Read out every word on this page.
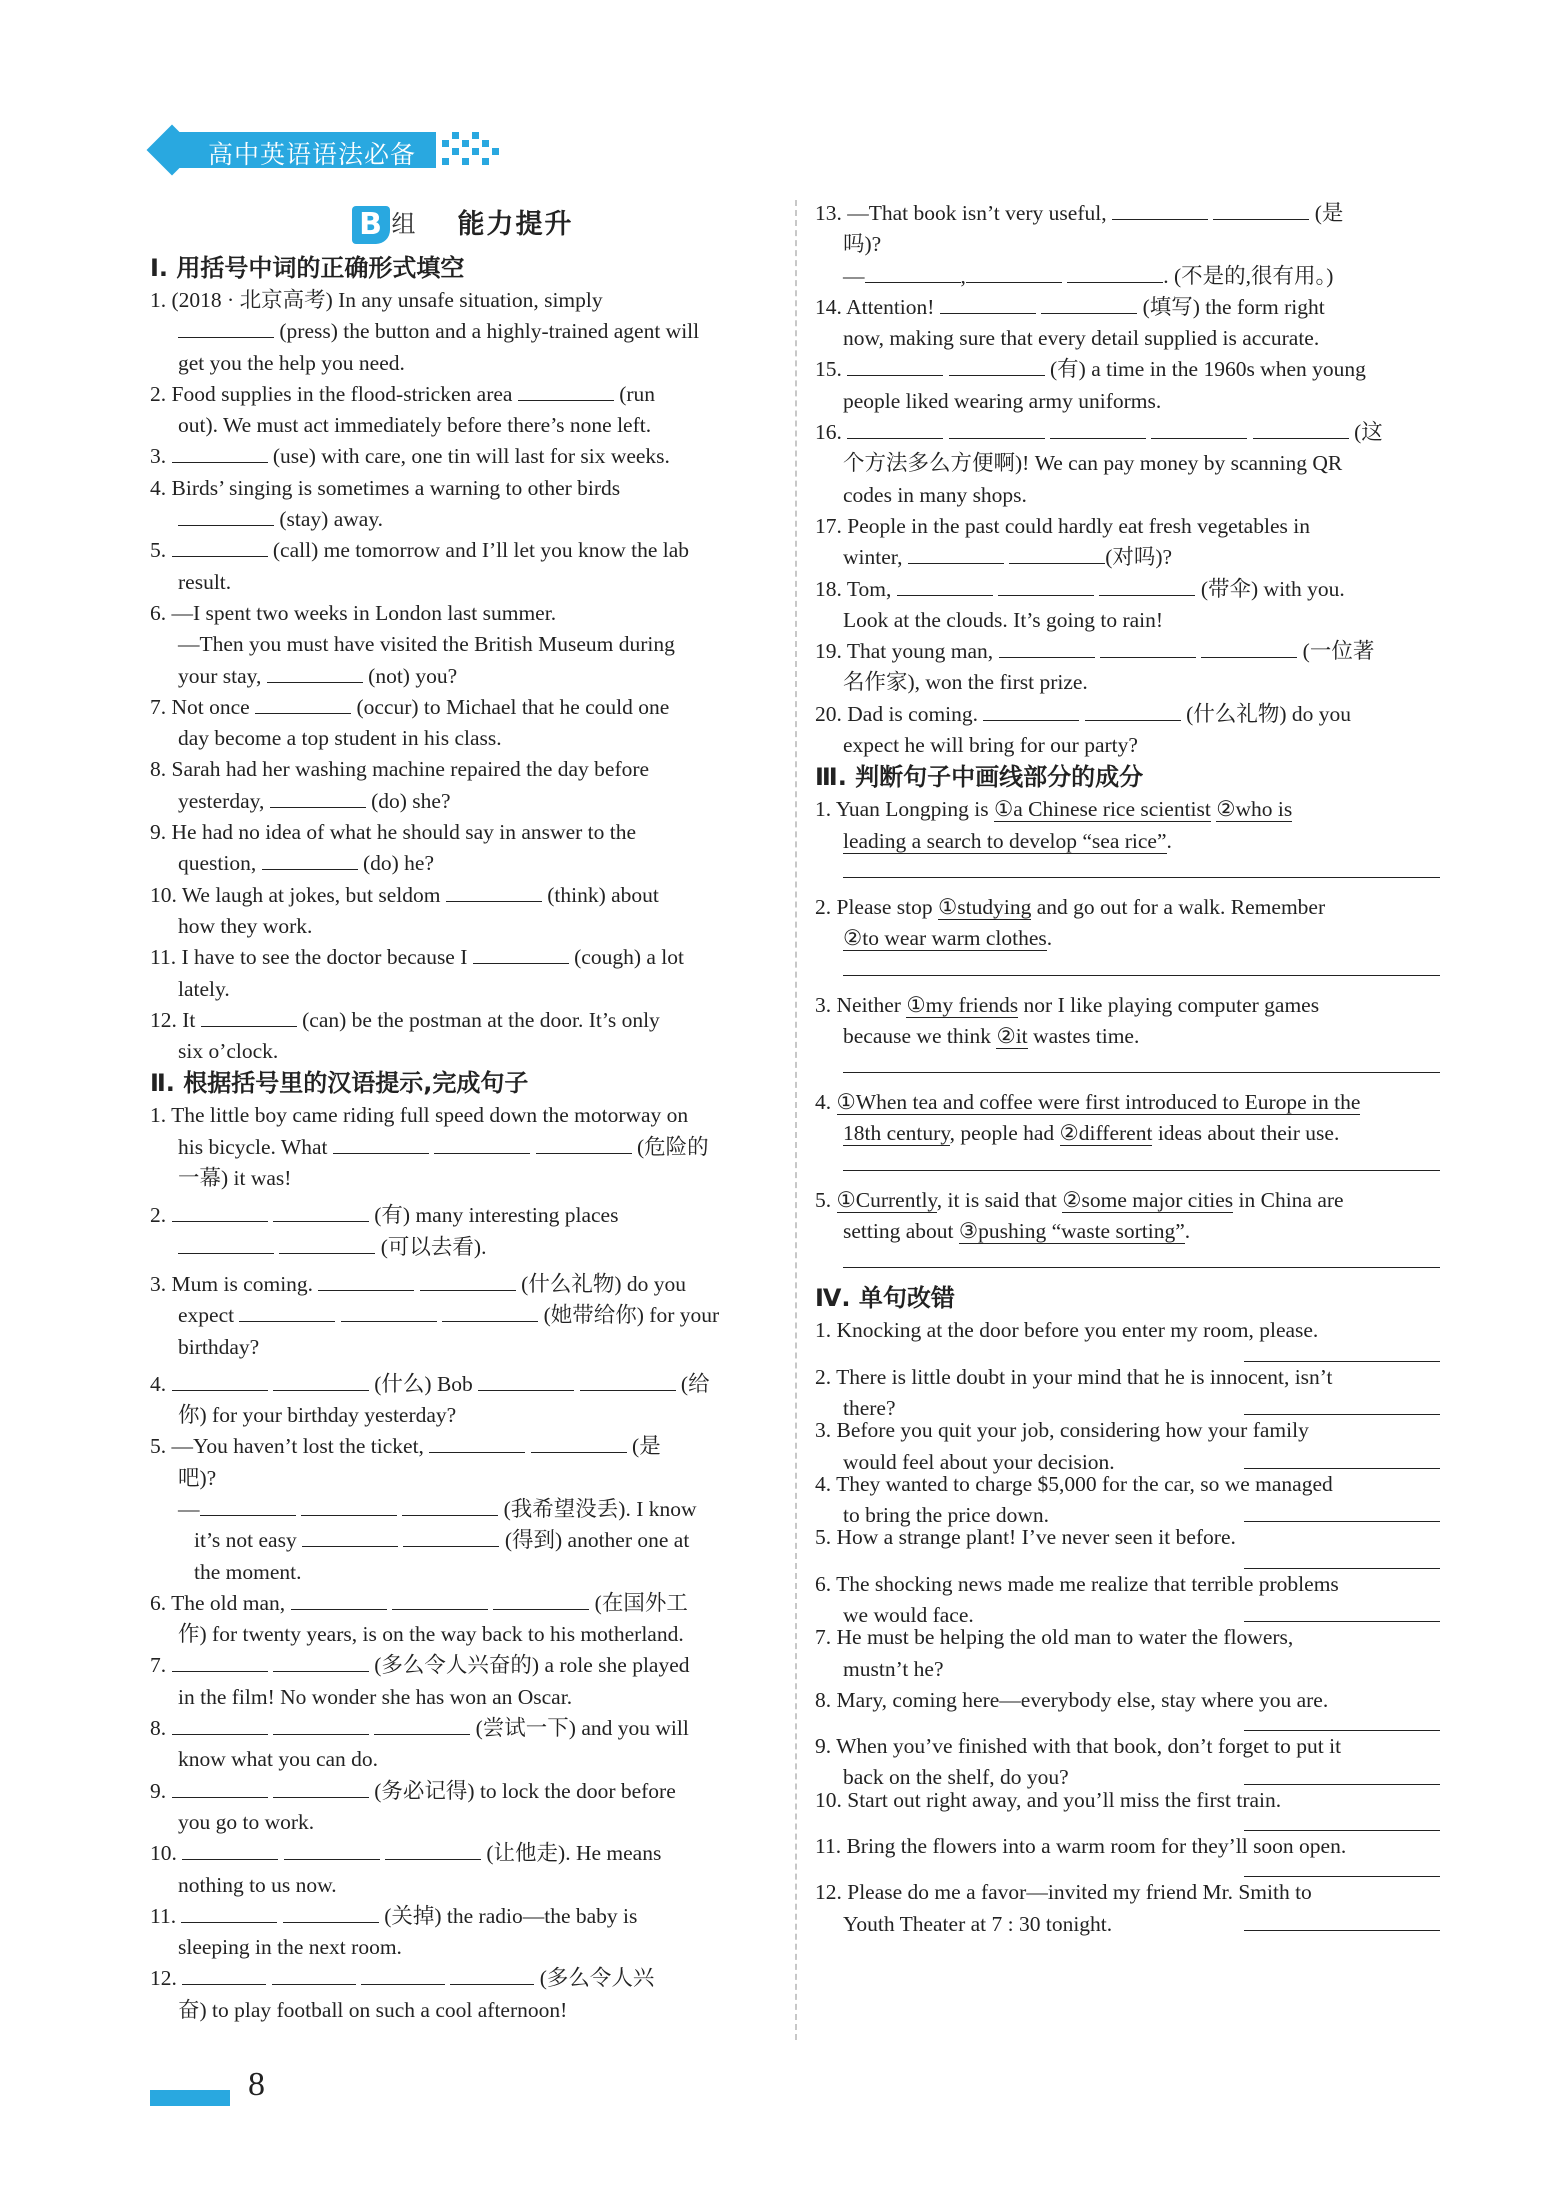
高中英语语法必备
B 组 能力提升

Ⅰ. 用括号中词的正确形式填空

1. (2018 · 北京高考) In any unsafe situation, simply

(press) the button and a highly-trained agent will

get you the help you need.

2. Food supplies in the flood-stricken area	(run

out). We must act immediately before there’s none left.

3.	(use) with care, one tin will last for six weeks.

4. Birds’ singing is sometimes a warning to other birds

(stay) away.

5.	(call) me tomorrow and I’ll let you know the lab

result.

6. —I spent two weeks in London last summer.

—Then you must have visited the British Museum during

your stay,	(not) you?

7. Not once	(occur) to Michael that he could one

day become a top student in his class.

8. Sarah had her washing machine repaired the day before

yesterday,	(do) she?

9. He had no idea of what he should say in answer to the

question,	(do) he?

10. We laugh at jokes, but seldom	(think) about

how they work.

11. I have to see the doctor because I	(cough) a lot

lately.

12. It	(can) be the postman at the door. It’s only

six o’clock.

Ⅱ. 根据括号里的汉语提示,完成句子

1. The little boy came riding full speed down the motorway on

his bicycle. What	(危险的

一幕) it was!

2.	(有) many interesting places

(可以去看).

3. Mum is coming.	(什么礼物) do you

expect	(她带给你) for your

birthday?

4.	(什么) Bob	(给

你) for your birthday yesterday?

5. —You haven’t lost the ticket,	(是

吧)?

—	(我希望没丢). I know

it’s not easy	(得到) another one at

the moment.

6. The old man,	(在国外工

作) for twenty years, is on the way back to his motherland.

7.	(多么令人兴奋的) a role she played

in the film! No wonder she has won an Oscar.

8.	(尝试一下) and you will

know what you can do.

9.	(务必记得) to lock the door before

you go to work.

10.	(让他走). He means

nothing to us now.

11.	(关掉) the radio—the baby is

sleeping in the next room.

12.	(多么令人兴

奋) to play football on such a cool afternoon!

13. —That book isn’t very useful,	(是

吗)?

—	,	. (不是的,很有用。)

14. Attention!	(填写) the form right

now, making sure that every detail supplied is accurate.

15.	(有) a time in the 1960s when young

people liked wearing army uniforms.

16.	(这

个方法多么方便啊)! We can pay money by scanning QR

codes in many shops.

17. People in the past could hardly eat fresh vegetables in

winter,	(对吗)?

18. Tom,	(带伞) with you.

Look at the clouds. It’s going to rain!

19. That young man,	(一位著

名作家), won the first prize.

20. Dad is coming.	(什么礼物) do you

expect he will bring for our party?

Ⅲ. 判断句子中画线部分的成分

1. Yuan Longping is ①a Chinese rice scientist ②who is

leading a search to develop “sea rice”.

2. Please stop ①studying and go out for a walk. Remember

②to wear warm clothes.

3. Neither ①my friends nor I like playing computer games

because we think ②it wastes time.

4. ①When tea and coffee were first introduced to Europe in the

18th century, people had ②different ideas about their use.

5. ①Currently, it is said that ②some major cities in China are

setting about ③pushing “waste sorting”.

Ⅳ. 单句改错

1. Knocking at the door before you enter my room, please.

2. There is little doubt in your mind that he is innocent, isn’t

there?

3. Before you quit your job, considering how your family

would feel about your decision.

4. They wanted to charge $5,000 for the car, so we managed

to bring the price down.

5. How a strange plant! I’ve never seen it before.

6. The shocking news made me realize that terrible problems

we would face.

7. He must be helping the old man to water the flowers,

mustn’t he?

8. Mary, coming here—everybody else, stay where you are.

9. When you’ve finished with that book, don’t forget to put it

back on the shelf, do you?

10. Start out right away, and you’ll miss the first train.

11. Bring the flowers into a warm room for they’ll soon open.

12. Please do me a favor—invited my friend Mr. Smith to

Youth Theater at 7 : 30 tonight.

8
